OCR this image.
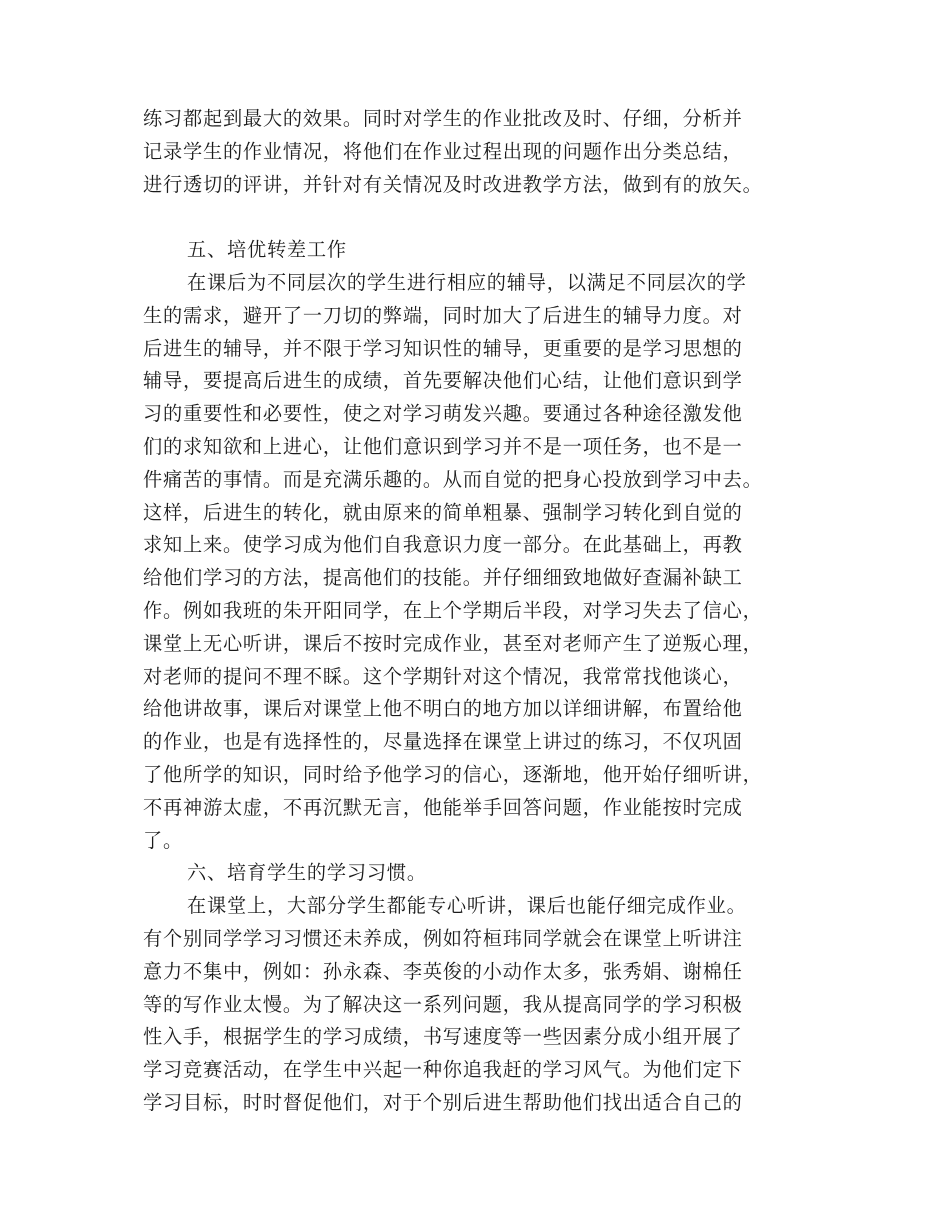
练习都起到最大的效果。同时对学生的作业批改及时、仔细，分析并
记录学生的作业情况，将他们在作业过程出现的问题作出分类总结，
进行透切的评讲，并针对有关情况及时改进教学方法，做到有的放矢。
五、培优转差工作
在课后为不同层次的学生进行相应的辅导，以满足不同层次的学
生的需求，避开了一刀切的弊端，同时加大了后进生的辅导力度。对
后进生的辅导，并不限于学习知识性的辅导，更重要的是学习思想的
辅导，要提高后进生的成绩，首先要解决他们心结，让他们意识到学
习的重要性和必要性，使之对学习萌发兴趣。要通过各种途径激发他
们的求知欲和上进心，让他们意识到学习并不是一项任务，也不是一
件痛苦的事情。而是充满乐趣的。从而自觉的把身心投放到学习中去。
这样，后进生的转化，就由原来的简单粗暴、强制学习转化到自觉的
求知上来。使学习成为他们自我意识力度一部分。在此基础上，再教
给他们学习的方法，提高他们的技能。并仔细细致地做好查漏补缺工
作。例如我班的朱开阳同学，在上个学期后半段，对学习失去了信心，
课堂上无心听讲，课后不按时完成作业，甚至对老师产生了逆叛心理，
对老师的提问不理不睬。这个学期针对这个情况，我常常找他谈心，
给他讲故事，课后对课堂上他不明白的地方加以详细讲解，布置给他
的作业，也是有选择性的，尽量选择在课堂上讲过的练习，不仅巩固
了他所学的知识，同时给予他学习的信心，逐渐地，他开始仔细听讲，
不再神游太虚，不再沉默无言，他能举手回答问题，作业能按时完成
了。
六、培育学生的学习习惯。
在课堂上，大部分学生都能专心听讲，课后也能仔细完成作业。
有个别同学学习习惯还未养成，例如符桓玮同学就会在课堂上听讲注
意力不集中，例如：孙永森、李英俊的小动作太多，张秀娟、谢棉任
等的写作业太慢。为了解决这一系列问题，我从提高同学的学习积极
性入手，根据学生的学习成绩，书写速度等一些因素分成小组开展了
学习竞赛活动，在学生中兴起一种你追我赶的学习风气。为他们定下
学习目标，时时督促他们，对于个别后进生帮助他们找出适合自己的
